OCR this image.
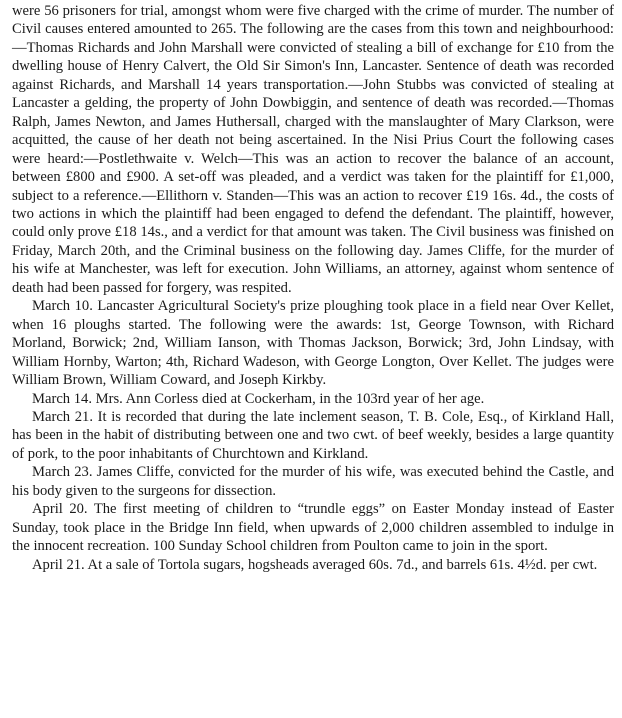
were 56 prisoners for trial, amongst whom were five charged with the crime of murder. The number of Civil causes entered amounted to 265. The following are the cases from this town and neighbourhood:—Thomas Richards and John Marshall were convicted of stealing a bill of exchange for £10 from the dwelling house of Henry Calvert, the Old Sir Simon's Inn, Lancaster. Sentence of death was recorded against Richards, and Marshall 14 years transportation.—John Stubbs was convicted of stealing at Lancaster a gelding, the property of John Dowbiggin, and sentence of death was recorded.—Thomas Ralph, James Newton, and James Huthersall, charged with the manslaughter of Mary Clarkson, were acquitted, the cause of her death not being ascertained. In the Nisi Prius Court the following cases were heard:—Postlethwaite v. Welch—This was an action to recover the balance of an account, between £800 and £900. A set-off was pleaded, and a verdict was taken for the plaintiff for £1,000, subject to a reference.—Ellithorn v. Standen—This was an action to recover £19 16s. 4d., the costs of two actions in which the plaintiff had been engaged to defend the defendant. The plaintiff, however, could only prove £18 14s., and a verdict for that amount was taken. The Civil business was finished on Friday, March 20th, and the Criminal business on the following day. James Cliffe, for the murder of his wife at Manchester, was left for execution. John Williams, an attorney, against whom sentence of death had been passed for forgery, was respited.

March 10. Lancaster Agricultural Society's prize ploughing took place in a field near Over Kellet, when 16 ploughs started. The following were the awards: 1st, George Townson, with Richard Morland, Borwick; 2nd, William Ianson, with Thomas Jackson, Borwick; 3rd, John Lindsay, with William Hornby, Warton; 4th, Richard Wadeson, with George Longton, Over Kellet. The judges were William Brown, William Coward, and Joseph Kirkby.

March 14. Mrs. Ann Corless died at Cockerham, in the 103rd year of her age.

March 21. It is recorded that during the late inclement season, T. B. Cole, Esq., of Kirkland Hall, has been in the habit of distributing between one and two cwt. of beef weekly, besides a large quantity of pork, to the poor inhabitants of Churchtown and Kirkland.

March 23. James Cliffe, convicted for the murder of his wife, was executed behind the Castle, and his body given to the surgeons for dissection.

April 20. The first meeting of children to “trundle eggs” on Easter Monday instead of Easter Sunday, took place in the Bridge Inn field, when upwards of 2,000 children assembled to indulge in the innocent recreation. 100 Sunday School children from Poulton came to join in the sport.

April 21. At a sale of Tortola sugars, hogsheads averaged 60s. 7d., and barrels 61s. 4½d. per cwt.
